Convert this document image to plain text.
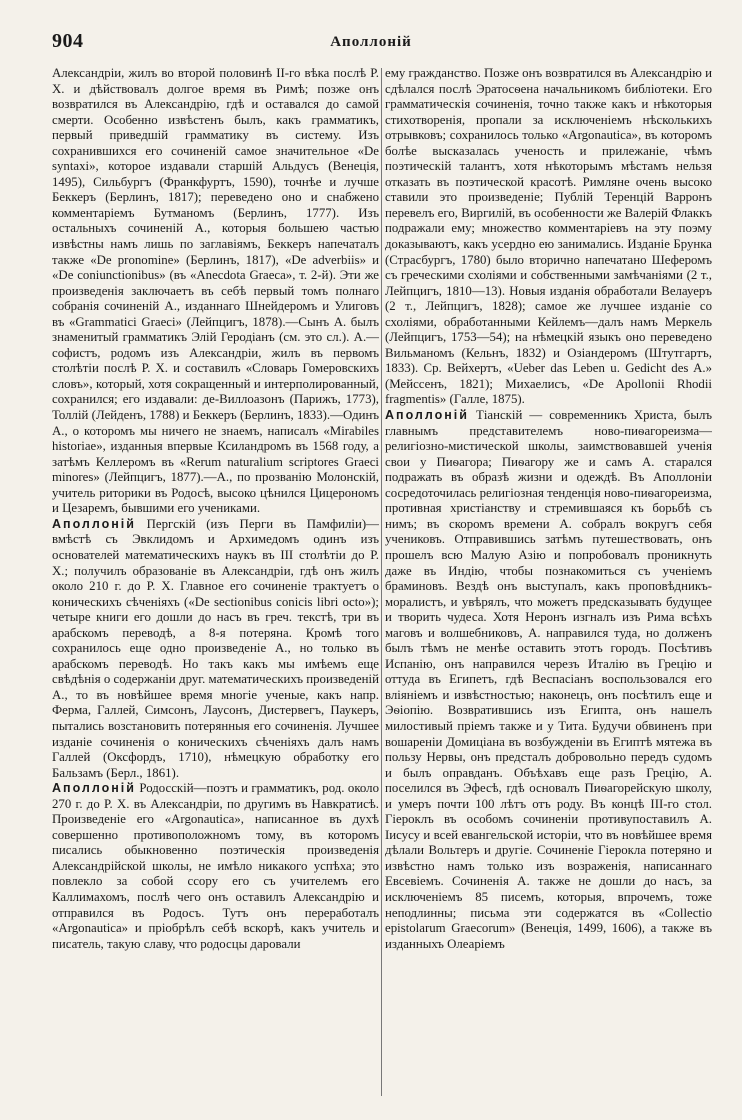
904	Аполлоній

Александріи, жилъ во второй половинѣ II-го вѣка послѣ Р. Х. и дѣйствовалъ долгое время въ Римѣ; позже онъ возвратился въ Александрію, гдѣ и оставался до самой смерти. Особенно извѣстенъ былъ, какъ грамматикъ, первый приведшій грамматику въ систему. Изъ сохранившихся его сочиненій самое значительное «De syntaxi», которое издавали старшій Альдусъ (Венеція, 1495), Сильбургъ (Франкфуртъ, 1590), точнѣе и лучше Беккеръ (Берлинъ, 1817); переведено оно и снабжено комментаріемъ Бутманомъ (Берлинъ, 1777). Изъ остальныхъ сочиненій А., которыя большею частью извѣстны намъ лишь по заглавіямъ, Беккеръ напечаталъ также «De pronomine» (Берлинъ, 1817), «De adverbiis» и «De coniunctionibus» (въ «Anecdota Graeca», т. 2-й). Эти же произведенія заключаетъ въ себѣ первый томъ полнаго собранія сочиненій А., изданнаго Шнейдеромъ и Улиговъ въ «Grammatici Graeci» (Лейпцигъ, 1878).—Сынъ А. былъ знаменитый грамматикъ Элій Геродіанъ (см. это сл.). А.—софистъ, родомъ изъ Александріи, жилъ въ первомъ столѣтіи послѣ Р. Х. и составилъ «Словарь Гомеровскихъ словъ», который, хотя сокращенный и интерполированный, сохранился; его издавали: де-Виллоазонъ (Парижъ, 1773), Толлій (Лейденъ, 1788) и Беккеръ (Берлинъ, 1833).—Одинъ А., о которомъ мы ничего не знаемъ, написалъ «Mirabiles historiae», изданныя впервые Ксиландромъ въ 1568 году, а затѣмъ Келлеромъ въ «Rerum naturalium scriptores Graeci minores» (Лейпцигъ, 1877).—А., по прозванію Молонскій, учитель риторики въ Родосѣ, высоко цѣнился Цицерономъ и Цезаремъ, бывшими его учениками.

Аполлоній Пергскій (изъ Перги въ Памфиліи)—вмѣстѣ съ Эвклидомъ и Архимедомъ одинъ изъ основателей математическихъ наукъ въ III столѣтіи до Р. Х.; получилъ образованіе въ Александріи, гдѣ онъ жилъ около 210 г. до Р. Х. Главное его сочиненіе трактуетъ о коническихъ сѣченіяхъ («De sectionibus conicis libri octo»); четыре книги его дошли до насъ въ греч. текстѣ, три въ арабскомъ переводѣ, а 8-я потеряна. Кромѣ того сохранилось еще одно произведеніе А., но только въ арабскомъ переводѣ. Но такъ какъ мы имѣемъ еще свѣдѣнія о содержаніи друг. математическихъ произведеній А., то въ новѣйшее время многіе ученые, какъ напр. Ферма, Галлей, Симсонъ, Лаусонъ, Дистервегъ, Паукеръ, пытались возстановить потерянныя его сочиненія. Лучшее изданіе сочиненія о коническихъ сѣченіяхъ далъ намъ Галлей (Оксфордъ, 1710), нѣмецкую обработку его Бальзамъ (Берл., 1861).

Аполлоній Родосскій—поэтъ и грамматикъ, род. около 270 г. до Р. Х. въ Александріи, по другимъ въ Навкратисѣ. Произведеніе его «Argonautica», написанное въ духѣ совершенно противоположномъ тому, въ которомъ писались обыкновенно поэтическія произведенія Александрійской школы, не имѣло никакого успѣха; это повлекло за собой ссору его съ учителемъ его Каллимахомъ, послѣ чего онъ оставилъ Александрію и отправился въ Родосъ. Тутъ онъ переработалъ «Argonautica» и пріобрѣлъ себѣ вскорѣ, какъ учитель и писатель, такую славу, что родосцы даровали

ему гражданство. Позже онъ возвратился въ Александрію и сдѣлался послѣ Эратосѳена начальникомъ библіотеки. Его грамматическія сочиненія, точно также какъ и нѣкоторыя стихотворенія, пропали за исключеніемъ нѣсколькихъ отрывковъ; сохранилось только «Argonautica», въ которомъ болѣе высказалась ученость и прилежаніе, чѣмъ поэтическій талантъ, хотя нѣкоторымъ мѣстамъ нельзя отказать въ поэтической красотѣ. Римляне очень высоко ставили это произведеніе; Публій Теренцій Варронъ перевелъ его, Виргилій, въ особенности же Валерій Флаккъ подражали ему; множество комментаріевъ на эту поэму доказываютъ, какъ усердно ею занимались. Изданіе Брунка (Страсбургъ, 1780) было вторично напечатано Шеферомъ съ греческими схоліями и собственными замѣчаніями (2 т., Лейпцигъ, 1810—13). Новыя изданія обработали Велауеръ (2 т., Лейпцигъ, 1828); самое же лучшее изданіе со схоліями, обработанными Кейлемъ—далъ намъ Меркель (Лейпцигъ, 1753—54); на нѣмецкій языкъ оно переведено Вильманомъ (Кельнъ, 1832) и Озіандеромъ (Штутгартъ, 1833). Ср. Вейхертъ, «Ueber das Leben u. Gedicht des A.» (Мейссенъ, 1821); Михаелисъ, «De Apollonii Rhodii fragmentis» (Галле, 1875).

Аполлоній Тіанскій — современникъ Христа, былъ главнымъ представителемъ ново-пиѳагореизма—религіозно-мистической школы, заимствовавшей ученія свои у Пиѳагора; Пиѳагору же и самъ А. старался подражать въ образѣ жизни и одеждѣ. Въ Аполлоніи сосредоточилась религіозная тенденція ново-пиѳагореизма, противная христіанству и стремившаяся къ борьбѣ съ нимъ; въ скоромъ времени А. собралъ вокругъ себя учениковъ. Отправившись затѣмъ путешествовать, онъ прошелъ всю Малую Азію и попробовалъ проникнуть даже въ Индію, чтобы познакомиться съ ученіемъ браминовъ. Вездѣ онъ выступалъ, какъ проповѣдникъ-моралистъ, и увѣрялъ, что можетъ предсказывать будущее и творить чудеса. Хотя Неронъ изгналъ изъ Рима всѣхъ маговъ и волшебниковъ, А. направился туда, но долженъ былъ тѣмъ не менѣе оставить этотъ городъ. Посѣтивъ Испанію, онъ направился черезъ Италію въ Грецію и оттуда въ Египетъ, гдѣ Веспасіанъ воспользовался его вліяніемъ и извѣстностью; наконецъ, онъ посѣтилъ еще и Эѳіопію. Возвратившись изъ Египта, онъ нашелъ милостивый пріемъ также и у Тита. Будучи обвиненъ при вошареніи Домиціана въ возбужденіи въ Египтѣ мятежа въ пользу Нервы, онъ предсталъ добровольно передъ судомъ и былъ оправданъ. Объѣхавъ еще разъ Грецію, А. поселился въ Эфесѣ, гдѣ основалъ Пиѳагорейскую школу, и умеръ почти 100 лѣтъ отъ роду. Въ концѣ III-го стол. Гіероклъ въ особомъ сочиненіи противупоставилъ А. Іисусу и всей евангельской исторіи, что въ новѣйшее время дѣлали Вольтеръ и другіе. Сочиненіе Гіерокла потеряно и извѣстно намъ только изъ возраженія, написаннаго Евсевіемъ. Сочиненія А. также не дошли до насъ, за исключеніемъ 85 писемъ, которыя, впрочемъ, тоже неподлинны; письма эти содержатся въ «Collectio epistolarum Graecorum» (Венеція, 1499, 1606), а также въ изданныхъ Олеаріемъ
